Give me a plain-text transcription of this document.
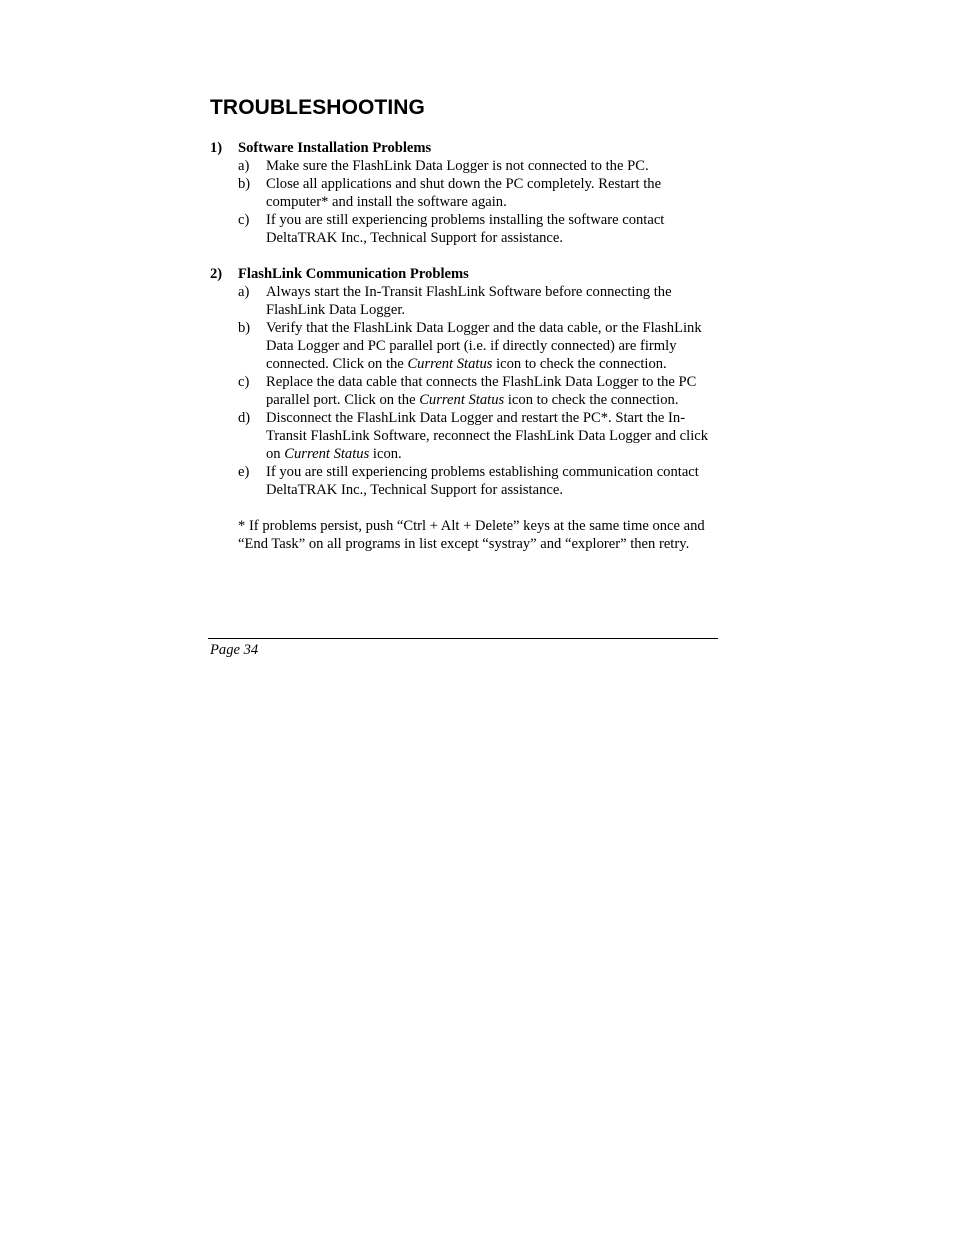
TROUBLESHOOTING
1)	Software Installation Problems
a)	Make sure the FlashLink Data Logger is not connected to the PC.
b)	Close all applications and shut down the PC completely. Restart the computer* and install the software again.
c)	If you are still experiencing problems installing the software contact DeltaTRAK Inc., Technical Support for assistance.
2)	FlashLink Communication Problems
a)	Always start the In-Transit FlashLink Software before connecting the FlashLink Data Logger.
b)	Verify that the FlashLink Data Logger and the data cable, or the FlashLink Data Logger and PC parallel port (i.e. if directly connected) are firmly connected. Click on the Current Status icon to check the connection.
c)	Replace the data cable that connects the FlashLink Data Logger to the PC parallel port. Click on the Current Status icon to check the connection.
d)	Disconnect the FlashLink Data Logger and restart the PC*. Start the In-Transit FlashLink Software, reconnect the FlashLink Data Logger and click on Current Status icon.
e)	If you are still experiencing problems establishing communication contact DeltaTRAK Inc., Technical Support for assistance.

* If problems persist, push “Ctrl + Alt + Delete” keys at the same time once and “End Task” on all programs in list except “systray” and “explorer” then retry.

Page 34
